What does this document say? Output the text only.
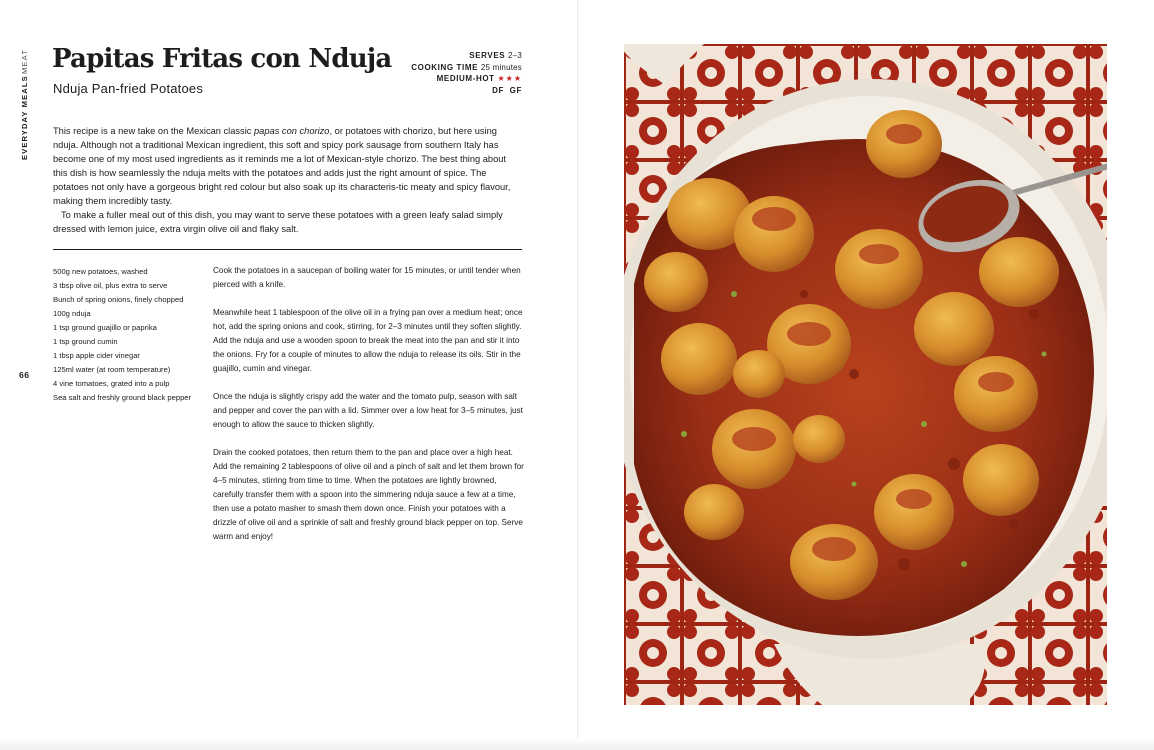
MEAT
EVERYDAY MEALS
66
Papitas Fritas con Nduja
Nduja Pan-fried Potatoes
SERVES 2–3
COOKING TIME 25 minutes
MEDIUM-HOT ★★★
DF  GF

This recipe is a new take on the Mexican classic papas con chorizo, or potatoes with chorizo, but here using nduja. Although not a traditional Mexican ingredient, this soft and spicy pork sausage from southern Italy has become one of my most used ingredients as it reminds me a lot of Mexican-style chorizo. The best thing about this dish is how seamlessly the nduja melts with the potatoes and adds just the right amount of spice. The potatoes not only have a gorgeous bright red colour but also soak up its characteris-tic meaty and spicy flavour, making them incredibly tasty.

To make a fuller meal out of this dish, you may want to serve these potatoes with a green leafy salad simply dressed with lemon juice, extra virgin olive oil and flaky salt.

500g new potatoes, washed
3 tbsp olive oil, plus extra to serve
Bunch of spring onions, finely chopped
100g nduja
1 tsp ground guajillo or paprika
1 tsp ground cumin
1 tbsp apple cider vinegar
125ml water (at room temperature)
4 vine tomatoes, grated into a pulp
Sea salt and freshly ground black pepper

Cook the potatoes in a saucepan of boiling water for 15 minutes, or until tender when pierced with a knife.

Meanwhile heat 1 tablespoon of the olive oil in a frying pan over a medium heat; once hot, add the spring onions and cook, stirring, for 2–3 minutes until they soften slightly. Add the nduja and use a wooden spoon to break the meat into the pan and stir it into the onions. Fry for a couple of minutes to allow the nduja to release its oils. Stir in the guajillo, cumin and vinegar.

Once the nduja is slightly crispy add the water and the tomato pulp, season with salt and pepper and cover the pan with a lid. Simmer over a low heat for 3–5 minutes, just enough to allow the sauce to thicken slightly.

Drain the cooked potatoes, then return them to the pan and place over a high heat. Add the remaining 2 tablespoons of olive oil and a pinch of salt and let them brown for 4–5 minutes, stirring from time to time. When the potatoes are lightly browned, carefully transfer them with a spoon into the simmering nduja sauce a few at a time, then use a potato masher to smash them down once. Finish your potatoes with a drizzle of olive oil and a sprinkle of salt and freshly ground black pepper on top. Serve warm and enjoy!
